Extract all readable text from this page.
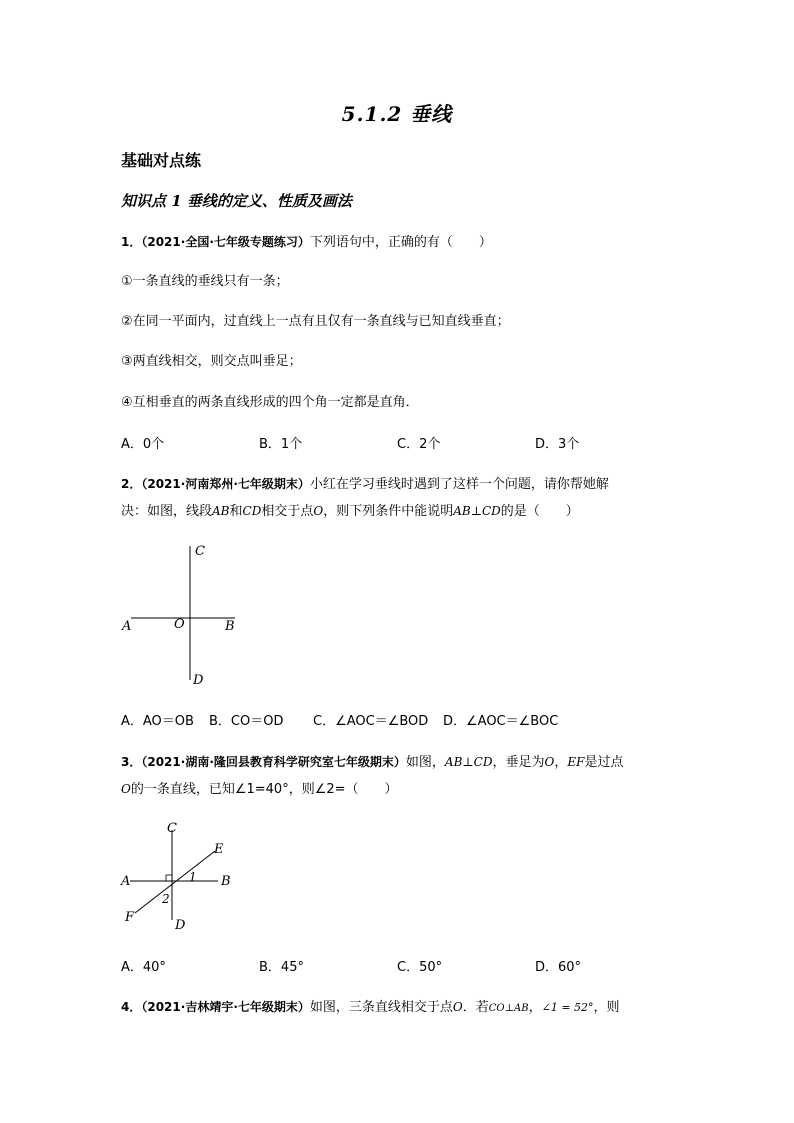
5.1.2 垂线
基础对点练
知识点 1 垂线的定义、性质及画法
1．（2021·全国·七年级专题练习）下列语句中，正确的有（　　）
①一条直线的垂线只有一条；
②在同一平面内，过直线上一点有且仅有一条直线与已知直线垂直；
③两直线相交，则交点叫垂足；
④互相垂直的两条直线形成的四个角一定都是直角．
A．0个	B．1个	C．2个	D．3个
2．（2021·河南郑州·七年级期末）小红在学习垂线时遇到了这样一个问题，请你帮她解
决：如图，线段AB和CD相交于点O，则下列条件中能说明AB⊥CD的是（　　）
C
D
A	B
O
A．AO＝OB B．CO＝OD C．∠AOC＝∠BOD D．∠AOC＝∠BOC
3．（2021·湖南·隆回县教育科学研究室七年级期末）如图，AB⊥CD，垂足为O，EF是过点
O的一条直线，已知∠1=40°，则∠2=（　　）
C
D
A	B
E
F
1
2
A．40°	B．45°	C．50°	D．60°
4．（2021·吉林靖宇·七年级期末）如图，三条直线相交于点O．若CO⊥AB，∠1 = 52°，则
